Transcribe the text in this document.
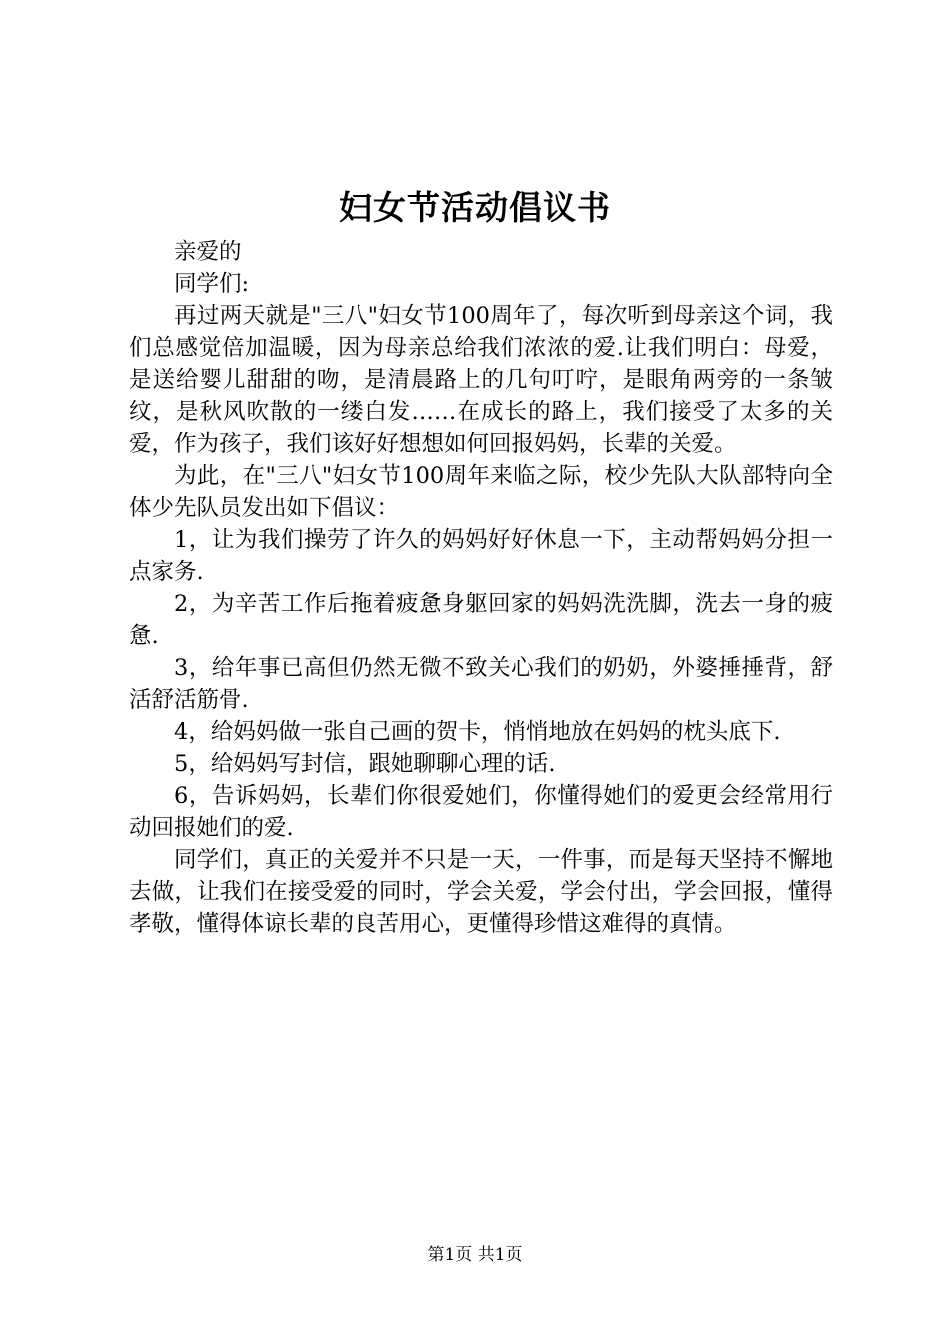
妇女节活动倡议书

亲爱的

同学们:

再过两天就是"三八"妇女节100周年了，每次听到母亲这个词，我们总感觉倍加温暖，因为母亲总给我们浓浓的爱.让我们明白：母爱，是送给婴儿甜甜的吻，是清晨路上的几句叮咛，是眼角两旁的一条皱纹，是秋风吹散的一缕白发……在成长的路上，我们接受了太多的关爱，作为孩子，我们该好好想想如何回报妈妈，长辈的关爱。

为此，在"三八"妇女节100周年来临之际，校少先队大队部特向全体少先队员发出如下倡议：

1，让为我们操劳了许久的妈妈好好休息一下，主动帮妈妈分担一点家务.

2，为辛苦工作后拖着疲惫身躯回家的妈妈洗洗脚，洗去一身的疲惫.

3，给年事已高但仍然无微不致关心我们的奶奶，外婆捶捶背，舒活舒活筋骨.

4，给妈妈做一张自己画的贺卡，悄悄地放在妈妈的枕头底下.

5，给妈妈写封信，跟她聊聊心理的话.

6，告诉妈妈，长辈们你很爱她们，你懂得她们的爱更会经常用行动回报她们的爱.

同学们，真正的关爱并不只是一天，一件事，而是每天坚持不懈地去做，让我们在接受爱的同时，学会关爱，学会付出，学会回报，懂得孝敬，懂得体谅长辈的良苦用心，更懂得珍惜这难得的真情。

第1页 共1页
